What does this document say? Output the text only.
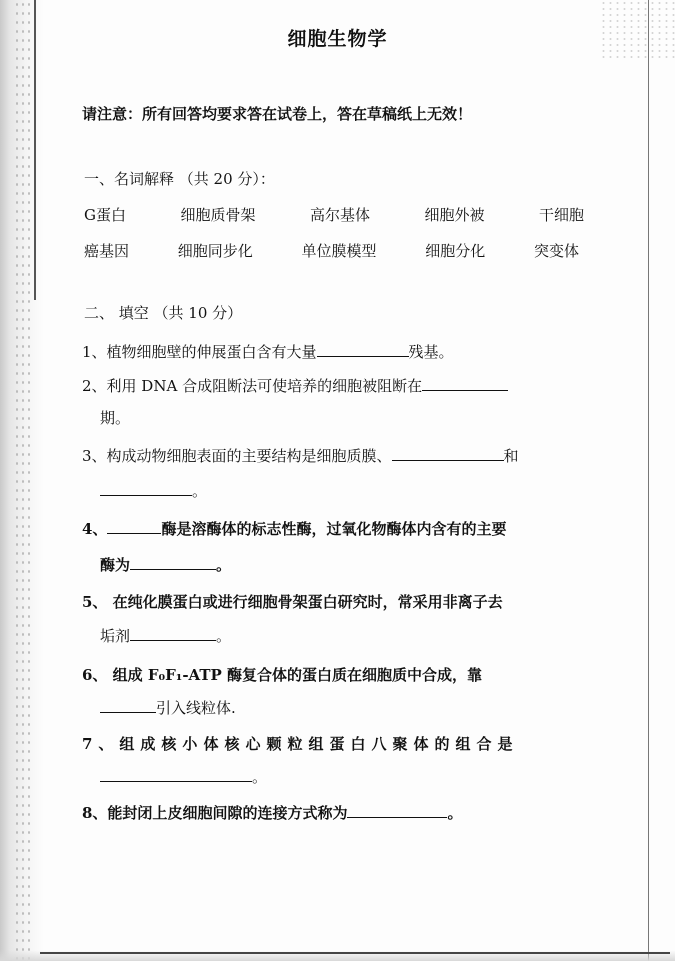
细胞生物学
请注意：所有回答均要求答在试卷上，答在草稿纸上无效！
一、名词解释 （共 20 分）：
G蛋白	细胞质骨架	高尔基体	细胞外被	干细胞
癌基因	细胞同步化	单位膜模型	细胞分化	突变体
二、 填空 （共 10 分）
1、植物细胞壁的伸展蛋白含有大量	残基。
2、利用 DNA 合成阻断法可使培养的细胞被阻断在
期。
3、构成动物细胞表面的主要结构是细胞质膜、	和
。
4、	酶是溶酶体的标志性酶，过氧化物酶体内含有的主要
酶为	。
5、 在纯化膜蛋白或进行细胞骨架蛋白研究时，常采用非离子去
垢剂	。
6、 组成 F₀F₁-ATP 酶复合体的蛋白质在细胞质中合成，靠
引入线粒体.
7、组成核小体核心颗粒组蛋白八聚体的组合是
。
8、能封闭上皮细胞间隙的连接方式称为	。
